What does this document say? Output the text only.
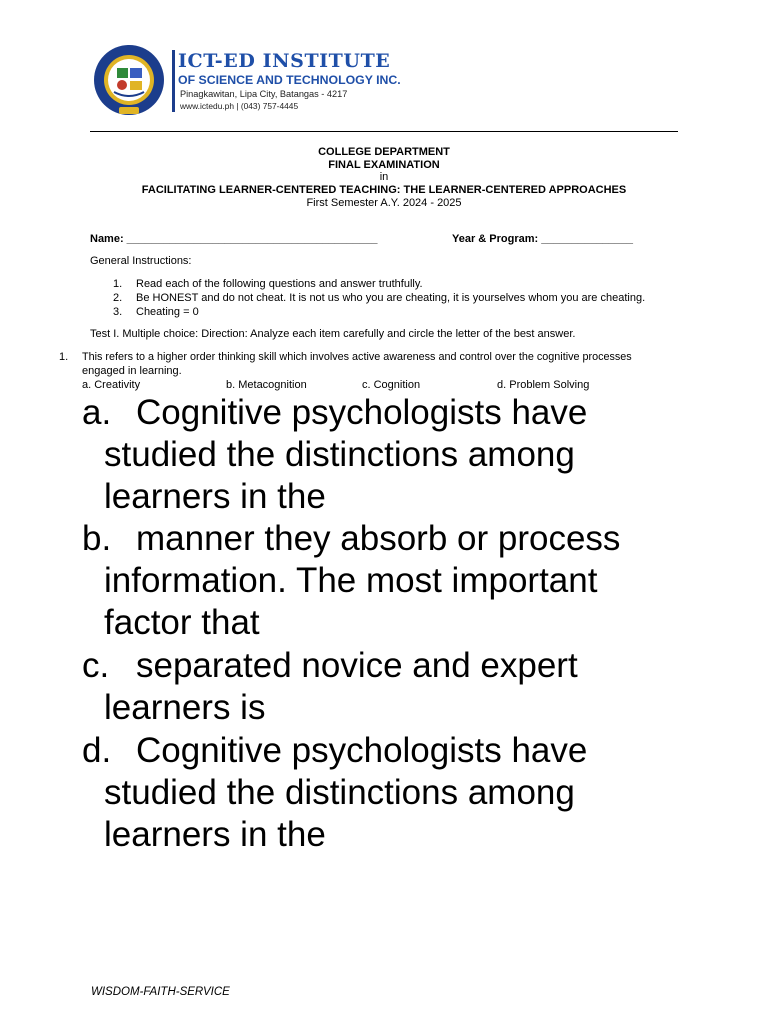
ICT-ED INSTITUTE
OF SCIENCE AND TECHNOLOGY INC.
Pinagkawitan, Lipa City, Batangas - 4217
www.ictedu.ph | (043) 757-4445
COLLEGE DEPARTMENT
FINAL EXAMINATION
in
FACILITATING LEARNER-CENTERED TEACHING: THE LEARNER-CENTERED APPROACHES
First Semester A.Y. 2024 - 2025
Name: _________________________________________	Year & Program: _______________
General Instructions:
1. Read each of the following questions and answer truthfully.
2. Be HONEST and do not cheat. It is not us who you are cheating, it is yourselves whom you are cheating.
3. Cheating = 0
Test I. Multiple choice: Direction: Analyze each item carefully and circle the letter of the best answer.
1. This refers to a higher order thinking skill which involves active awareness and control over the cognitive processes
engaged in learning.
a. Creativity	b. Metacognition	c. Cognition	d. Problem Solving
a. Cognitive psychologists have
studied the distinctions among
learners in the
b. manner they absorb or process
information. The most important
factor that
c. separated novice and expert
learners is
d. Cognitive psychologists have
studied the distinctions among
learners in the
WISDOM-FAITH-SERVICE
